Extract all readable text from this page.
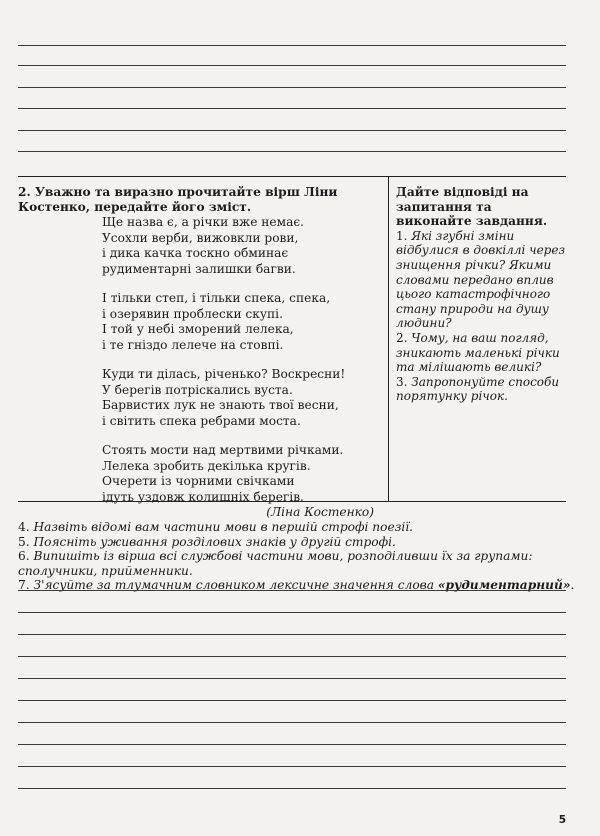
2. Уважно та виразно прочитайте вірш Ліни Костенко, передайте його зміст.
Ще назва є, а річки вже немає.
Усохли верби, вижовкли рови,
і дика качка тоскно обминає
рудиментарні залишки багви.
І тільки степ, і тільки спека, спека,
і озерявин проблески скупі.
І той у небі зморений лелека,
і те гніздо лелече на стовпі.
Куди ти ділась, річенько? Воскресни!
У берегів потріскались вуста.
Барвистих лук не знають твої весни,
і світить спека ребрами моста.
Стоять мости над мертвими річками.
Лелека зробить декілька кругів.
Очерети із чорними свічками
ідуть уздовж колишніх берегів.
(Ліна Костенко)
Дайте відповіді на запитання та виконайте завдання.
1. Які згубні зміни відбулися в довкіллі через знищення річки? Якими словами передано вплив цього катастрофічного стану природи на душу людини?
2. Чому, на ваш погляд, зникають маленькі річки та мілішають великі?
3. Запропонуйте способи порятунку річок.
4. Назвіть відомі вам частини мови в першій строфі поезії.
5. Поясніть уживання розділових знаків у другій строфі.
6. Випишіть із вірша всі службові частини мови, розподіливши їх за групами: сполучники, прийменники.
7. З'ясуйте за тлумачним словником лексичне значення слова «рудиментарний».
5
